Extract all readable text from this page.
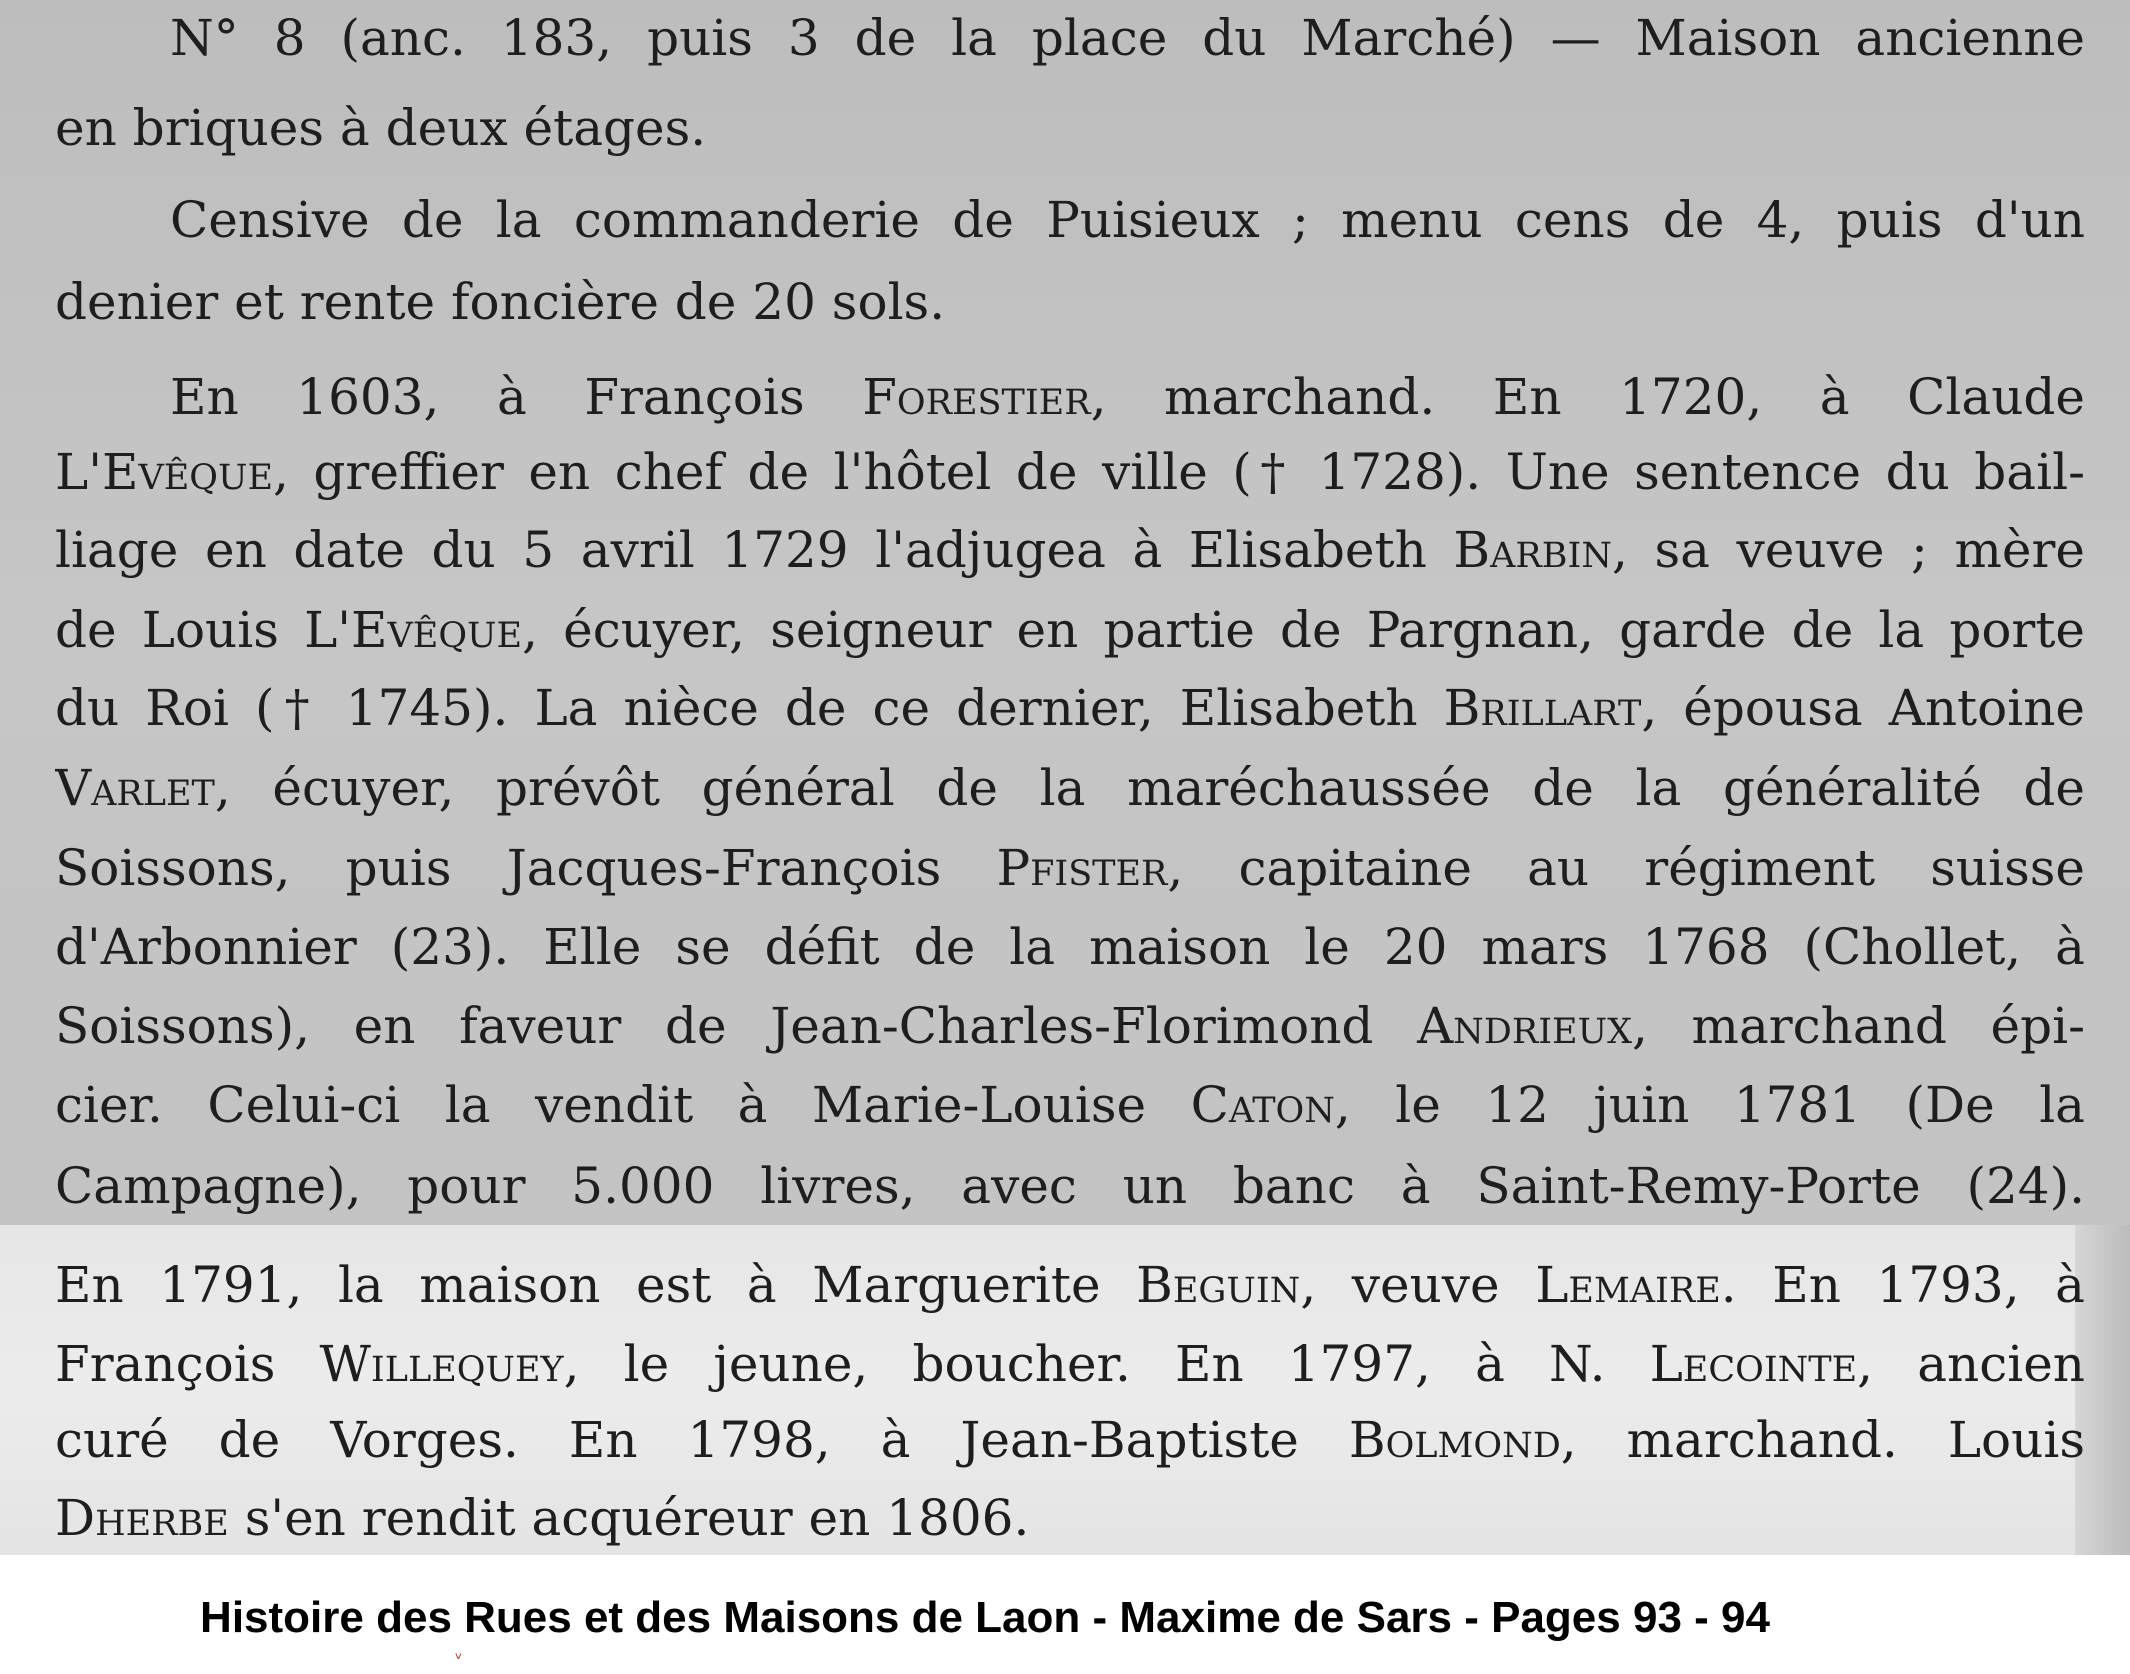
N° 8 (anc. 183, puis 3 de la place du Marché) — Maison ancienne
en briques à deux étages.
Censive de la commanderie de Puisieux ; menu cens de 4, puis d'un
denier et rente foncière de 20 sols.
En 1603, à François Forestier, marchand. En 1720, à Claude
L'Evêque, greffier en chef de l'hôtel de ville († 1728). Une sentence du bail-
liage en date du 5 avril 1729 l'adjugea à Elisabeth Barbin, sa veuve ; mère
de Louis L'Evêque, écuyer, seigneur en partie de Pargnan, garde de la porte
du Roi († 1745). La nièce de ce dernier, Elisabeth Brillart, épousa Antoine
Varlet, écuyer, prévôt général de la maréchaussée de la généralité de
Soissons, puis Jacques-François Pfister, capitaine au régiment suisse
d'Arbonnier (23). Elle se défit de la maison le 20 mars 1768 (Chollet, à
Soissons), en faveur de Jean-Charles-Florimond Andrieux, marchand épi-
cier. Celui-ci la vendit à Marie-Louise Caton, le 12 juin 1781 (De la
Campagne), pour 5.000 livres, avec un banc à Saint-Remy-Porte (24).
En 1791, la maison est à Marguerite Beguin, veuve Lemaire. En 1793, à
François Willequey, le jeune, boucher. En 1797, à N. Lecointe, ancien
curé de Vorges. En 1798, à Jean-Baptiste Bolmond, marchand. Louis
Dherbe s'en rendit acquéreur en 1806.
Histoire des Rues et des Maisons de Laon - Maxime de Sars - Pages 93 - 94
ᵛ
